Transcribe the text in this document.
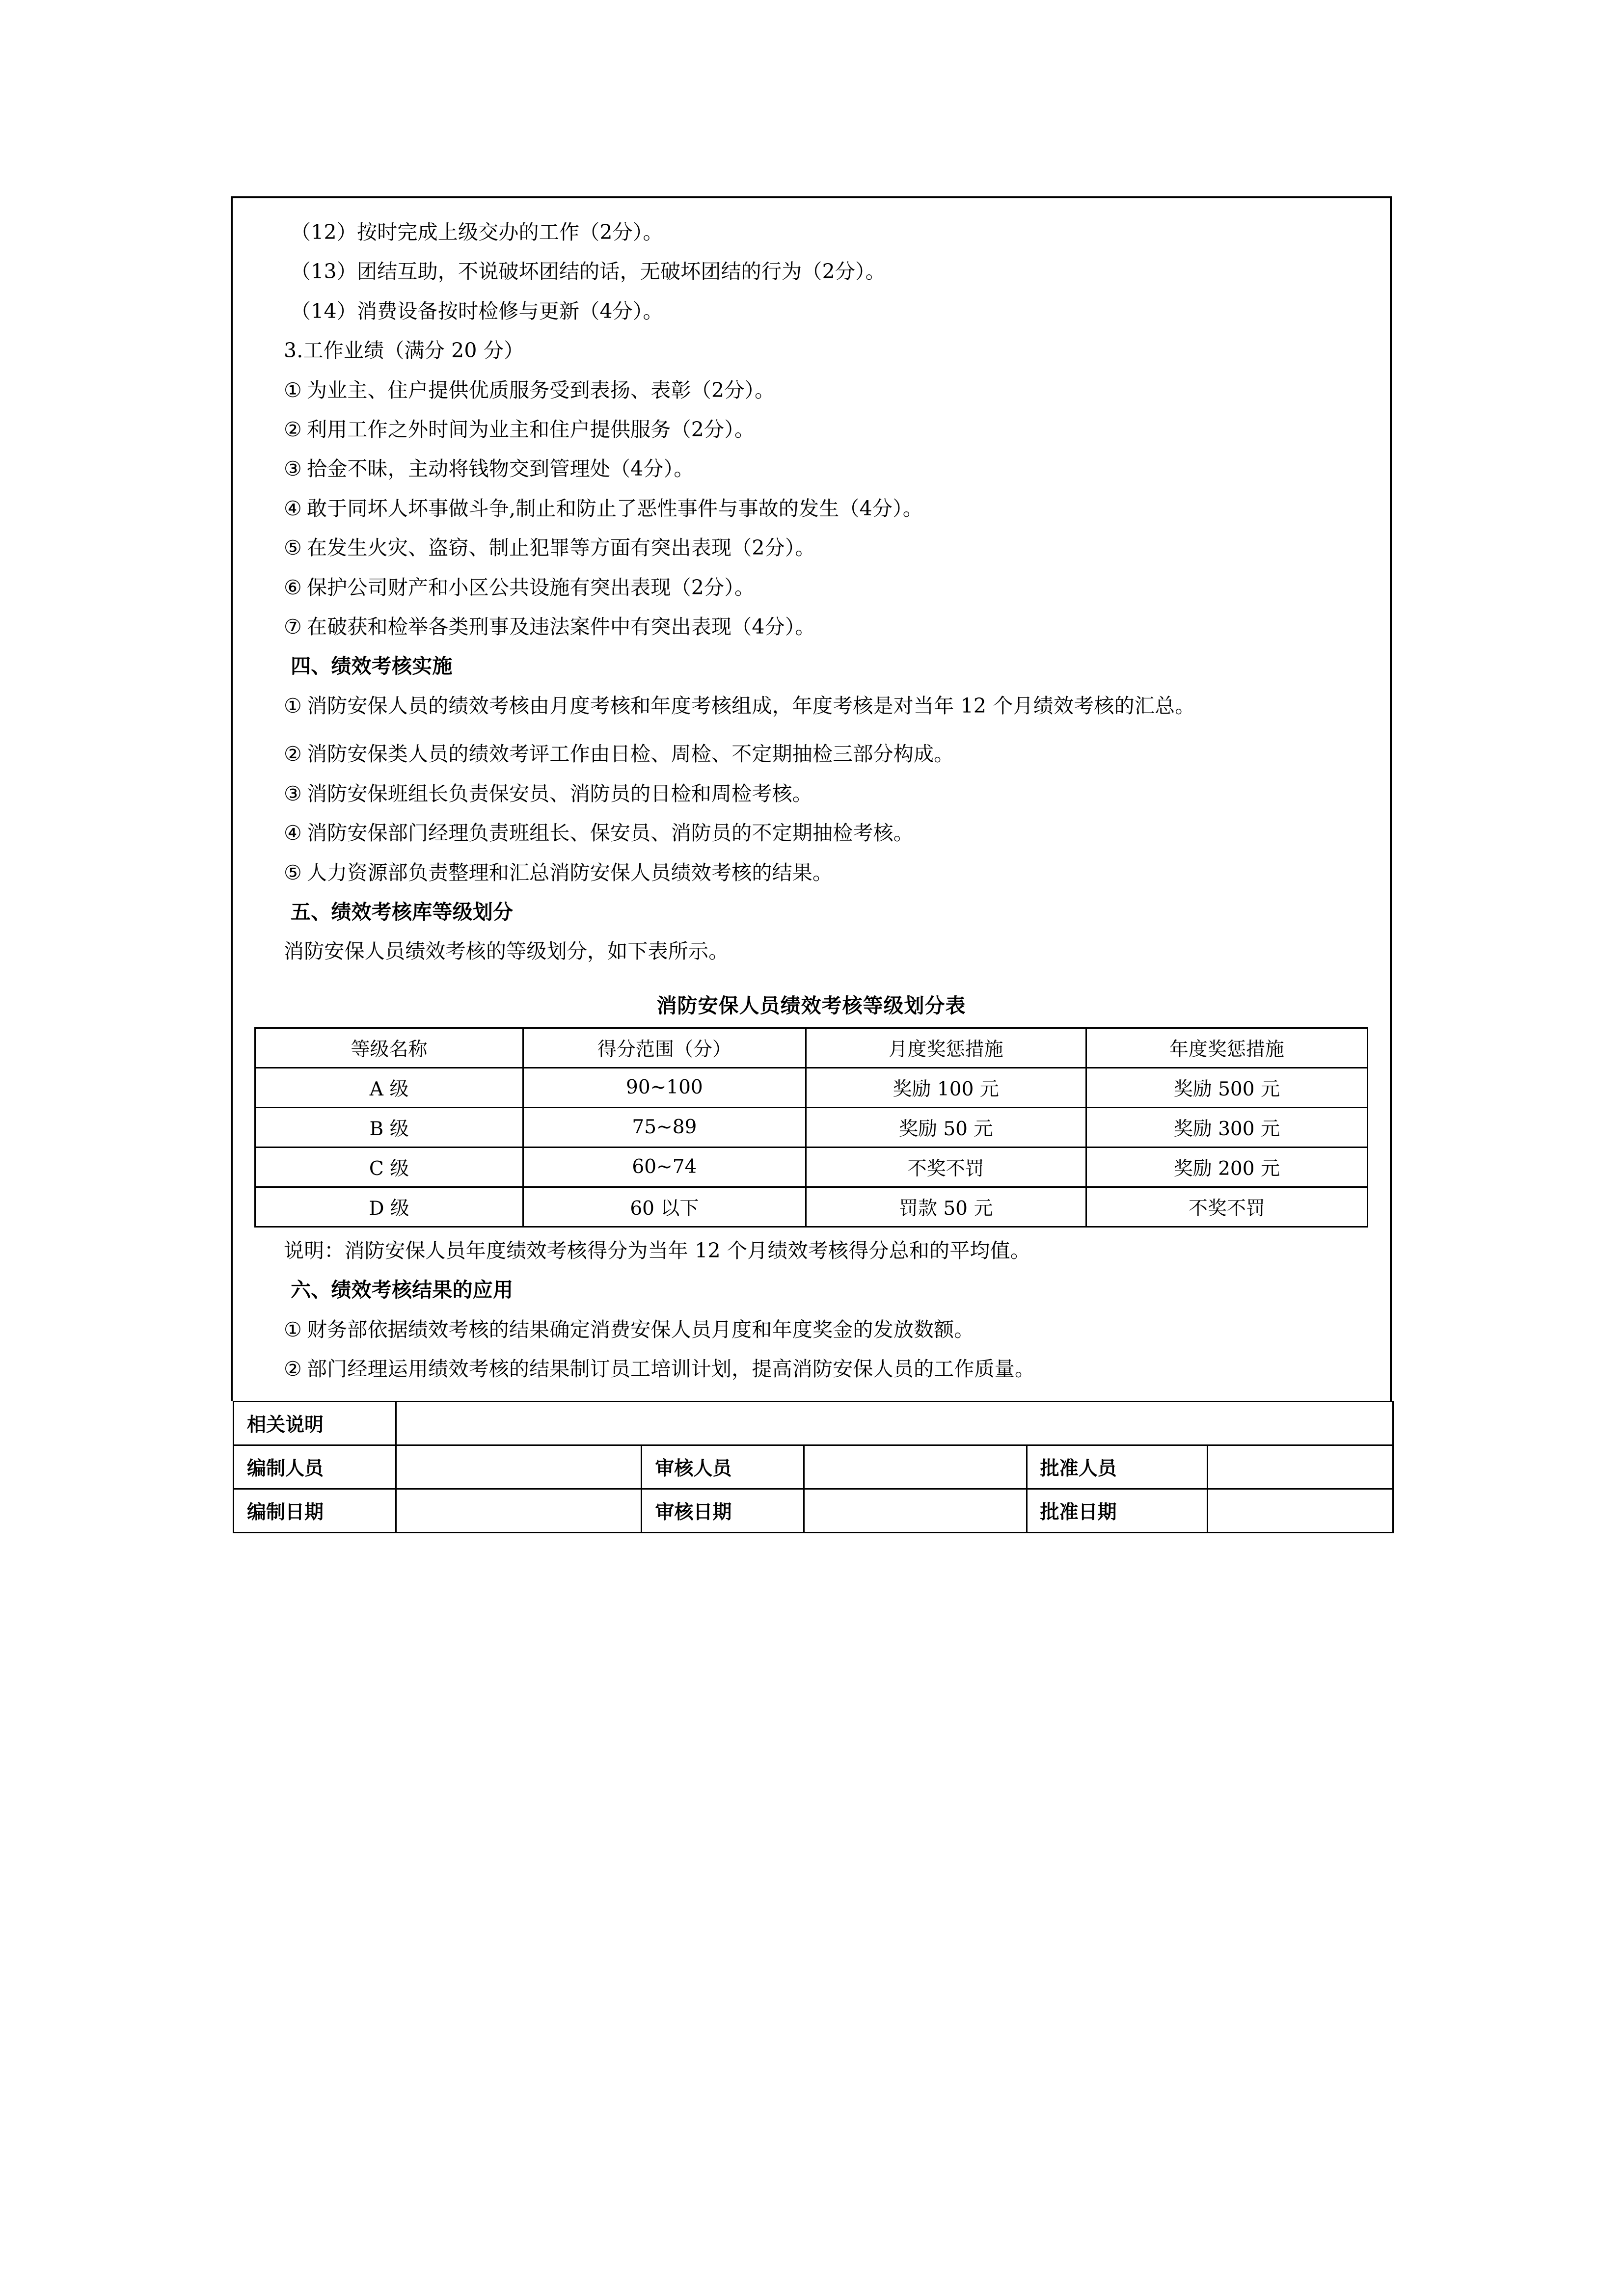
（12）按时完成上级交办的工作（2分）。

（13）团结互助，不说破坏团结的话，无破坏团结的行为（2分）。

（14）消费设备按时检修与更新（4分）。

3.工作业绩（满分 20 分）

① 为业主、住户提供优质服务受到表扬、表彰（2分）。

② 利用工作之外时间为业主和住户提供服务（2分）。

③ 拾金不昧，主动将钱物交到管理处（4分）。

④ 敢于同坏人坏事做斗争,制止和防止了恶性事件与事故的发生（4分）。

⑤ 在发生火灾、盗窃、制止犯罪等方面有突出表现（2分）。

⑥ 保护公司财产和小区公共设施有突出表现（2分）。

⑦ 在破获和检举各类刑事及违法案件中有突出表现（4分）。

四、绩效考核实施

① 消防安保人员的绩效考核由月度考核和年度考核组成，年度考核是对当年 12 个月绩效考核的汇总。

② 消防安保类人员的绩效考评工作由日检、周检、不定期抽检三部分构成。

③ 消防安保班组长负责保安员、消防员的日检和周检考核。

④ 消防安保部门经理负责班组长、保安员、消防员的不定期抽检考核。

⑤ 人力资源部负责整理和汇总消防安保人员绩效考核的结果。

五、绩效考核库等级划分

消防安保人员绩效考核的等级划分，如下表所示。

消防安保人员绩效考核等级划分表
等级名称	得分范围（分）	月度奖惩措施	年度奖惩措施
A 级	90~100	奖励 100 元	奖励 500 元
B 级	75~89	奖励 50 元	奖励 300 元
C 级	60~74	不奖不罚	奖励 200 元
D 级	60 以下	罚款 50 元	不奖不罚

说明：消防安保人员年度绩效考核得分为当年 12 个月绩效考核得分总和的平均值。

六、绩效考核结果的应用

① 财务部依据绩效考核的结果确定消费安保人员月度和年度奖金的发放数额。

② 部门经理运用绩效考核的结果制订员工培训计划，提高消防安保人员的工作质量。

相关说明					
编制人员		审核人员		批准人员	
编制日期		审核日期		批准日期	
